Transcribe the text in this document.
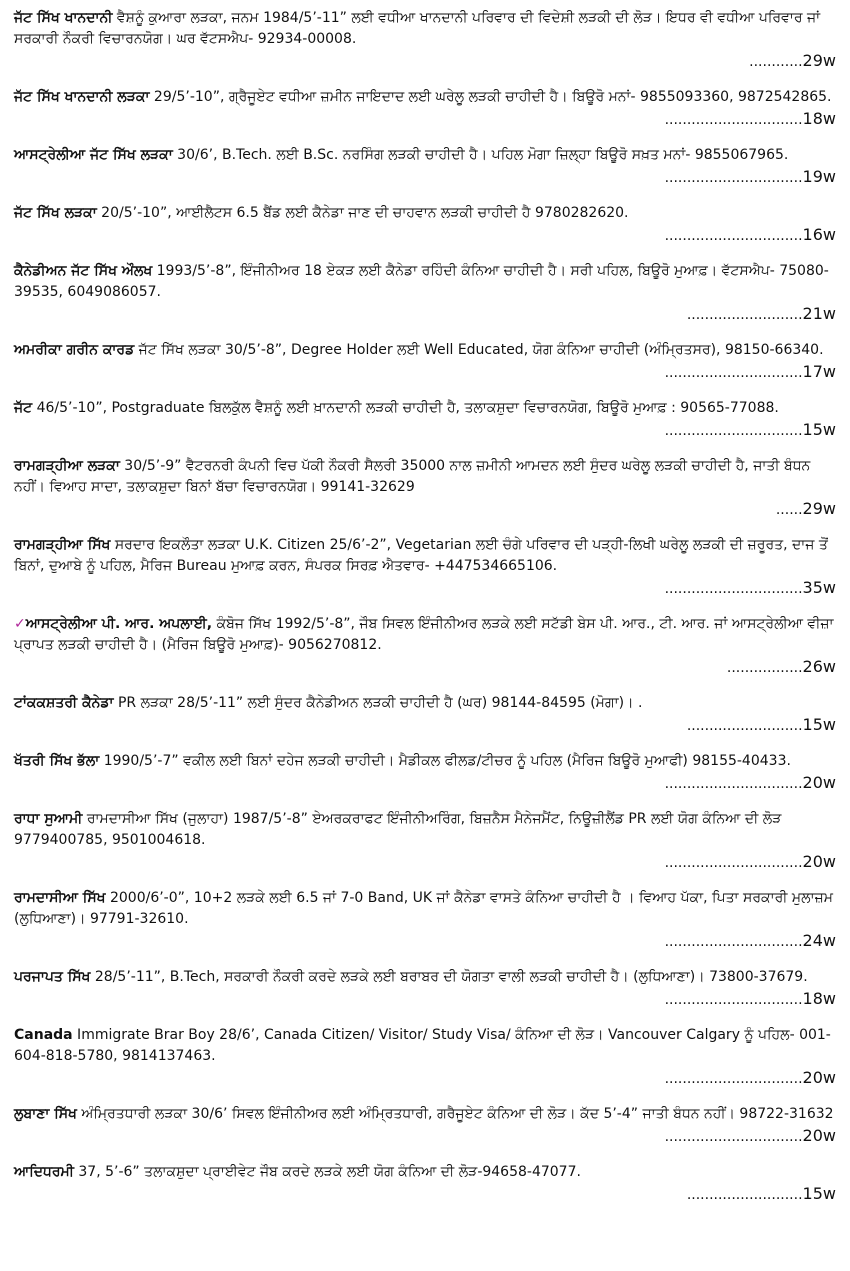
ਜੱਟ ਸਿੱਖ ਖਾਨਦਾਨੀ ਵੈਸ਼ਨੂੰ ਕੁਆਰਾ ਲੜਕਾ, ਜਨਮ 1984/5’-11” ਲਈ ਵਧੀਆ ਖਾਨਦਾਨੀ ਪਰਿਵਾਰ ਦੀ ਵਿਦੇਸ਼ੀ ਲੜਕੀ ਦੀ ਲੋੜ। ਇਧਰ ਵੀ ਵਧੀਆ ਪਰਿਵਾਰ ਜਾਂ ਸਰਕਾਰੀ ਨੌਕਰੀ ਵਿਚਾਰਨਯੋਗ। ਘਰ ਵੱਟਸਐਪ- 92934-00008.
............ 29w
ਜੱਟ ਸਿੱਖ ਖਾਨਦਾਨੀ ਲੜਕਾ 29/5’-10”, ਗ੍ਰੈਜੂਏਟ ਵਧੀਆ ਜ਼ਮੀਨ ਜਾਇਦਾਦ ਲਈ ਘਰੇਲੂ ਲੜਕੀ ਚਾਹੀਦੀ ਹੈ। ਬਿਊਰੋ ਮਨਾਂ- 9855093360, 9872542865.
............................... 18w
ਆਸਟ੍ਰੇਲੀਆ ਜੱਟ ਸਿੱਖ ਲੜਕਾ 30/6’, B.Tech. ਲਈ B.Sc. ਨਰਸਿੰਗ ਲੜਕੀ ਚਾਹੀਦੀ ਹੈ। ਪਹਿਲ ਮੋਗਾ ਜ਼ਿਲ੍ਹਾ ਬਿਊਰੋ ਸਖ਼ਤ ਮਨਾਂ- 9855067965.
............................... 19w
ਜੱਟ ਸਿੱਖ ਲੜਕਾ 20/5’-10”, ਆਈਲੈਟਸ 6.5 ਬੈਂਡ ਲਈ ਕੈਨੇਡਾ ਜਾਣ ਦੀ ਚਾਹਵਾਨ ਲੜਕੀ ਚਾਹੀਦੀ ਹੈ 9780282620.
............................... 16w
ਕੈਨੇਡੀਅਨ ਜੱਟ ਸਿੱਖ ਔਲਖ 1993/5’-8”, ਇੰਜੀਨੀਅਰ 18 ਏਕੜ ਲਈ ਕੈਨੇਡਾ ਰਹਿੰਦੀ ਕੰਨਿਆ ਚਾਹੀਦੀ ਹੈ। ਸਰੀ ਪਹਿਲ, ਬਿਊਰੋ ਮੁਆਫ਼। ਵੱਟਸਐਪ- 75080-39535, 6049086057.
.......................... 21w
ਅਮਰੀਕਾ ਗਰੀਨ ਕਾਰਡ ਜੱਟ ਸਿੱਖ ਲੜਕਾ 30/5’-8”, Degree Holder ਲਈ Well Educated, ਯੋਗ ਕੰਨਿਆ ਚਾਹੀਦੀ (ਅੰਮ੍ਰਿਤਸਰ), 98150-66340.
............................... 17w
ਜੱਟ 46/5’-10”, Postgraduate ਬਿਲਕੁੱਲ ਵੈਸ਼ਨੂੰ ਲਈ ਖ਼ਾਨਦਾਨੀ ਲੜਕੀ ਚਾਹੀਦੀ ਹੈ, ਤਲਾਕਸ਼ੁਦਾ ਵਿਚਾਰਨਯੋਗ, ਬਿਊਰੋ ਮੁਆਫ਼ : 90565-77088.
............................... 15w
ਰਾਮਗੜ੍ਹੀਆ ਲੜਕਾ 30/5’-9” ਵੈਟਰਨਰੀ ਕੰਪਨੀ ਵਿਚ ਪੱਕੀ ਨੌਕਰੀ ਸੈਲਰੀ 35000 ਨਾਲ ਜ਼ਮੀਨੀ ਆਮਦਨ ਲਈ ਸੁੰਦਰ ਘਰੇਲੂ ਲੜਕੀ ਚਾਹੀਦੀ ਹੈ, ਜਾਤੀ ਬੰਧਨ ਨਹੀਂ। ਵਿਆਹ ਸਾਦਾ, ਤਲਾਕਸ਼ੁਦਾ ਬਿਨਾਂ ਬੱਚਾ ਵਿਚਾਰਨਯੋਗ। 99141-32629
...... 29w
ਰਾਮਗੜ੍ਹੀਆ ਸਿੱਖ ਸਰਦਾਰ ਇਕਲੌਤਾ ਲੜਕਾ U.K. Citizen 25/6’-2”, Vegetarian ਲਈ ਚੰਗੇ ਪਰਿਵਾਰ ਦੀ ਪੜ੍ਹੀ-ਲਿਖੀ ਘਰੇਲੂ ਲੜਕੀ ਦੀ ਜ਼ਰੂਰਤ, ਦਾਜ ਤੋਂ ਬਿਨਾਂ, ਦੁਆਬੇ ਨੂੰ ਪਹਿਲ, ਮੈਰਿਜ Bureau ਮੁਆਫ਼ ਕਰਨ, ਸੰਪਰਕ ਸਿਰਫ਼ ਐਤਵਾਰ- +447534665106.
............................... 35w
✓ਆਸਟ੍ਰੇਲੀਆ ਪੀ. ਆਰ. ਅਪਲਾਈ, ਕੰਬੋਜ ਸਿੱਖ 1992/5’-8”, ਜੌਬ ਸਿਵਲ ਇੰਜੀਨੀਅਰ ਲੜਕੇ ਲਈ ਸਟੱਡੀ ਬੇਸ ਪੀ. ਆਰ., ਟੀ. ਆਰ. ਜਾਂ ਆਸਟ੍ਰੇਲੀਆ ਵੀਜ਼ਾ ਪ੍ਰਾਪਤ ਲੜਕੀ ਚਾਹੀਦੀ ਹੈ। (ਮੈਰਿਜ ਬਿਊਰੋ ਮੁਆਫ਼)- 9056270812.
................. 26w
ਟਾਂਕਕਸ਼ਤਰੀ ਕੈਨੇਡਾ PR ਲੜਕਾ 28/5’-11” ਲਈ ਸੁੰਦਰ ਕੈਨੇਡੀਅਨ ਲੜਕੀ ਚਾਹੀਦੀ ਹੈ (ਘਰ) 98144-84595 (ਮੋਗਾ)। .
.......................... 15w
ਖੱਤਰੀ ਸਿੱਖ ਭੱਲਾ 1990/5’-7” ਵਕੀਲ ਲਈ ਬਿਨਾਂ ਦਹੇਜ ਲੜਕੀ ਚਾਹੀਦੀ। ਮੈਡੀਕਲ ਫੀਲਡ/ਟੀਚਰ ਨੂੰ ਪਹਿਲ (ਮੈਰਿਜ ਬਿਊਰੋ ਮੁਆਫੀ) 98155-40433.
............................... 20w
ਰਾਧਾ ਸੁਆਮੀ ਰਾਮਦਾਸੀਆ ਸਿੱਖ (ਜੁਲਾਹਾ) 1987/5’-8” ਏਅਰਕਰਾਫਟ ਇੰਜੀਨੀਅਰਿੰਗ, ਬਿਜ਼ਨੈਸ ਮੈਨੇਜਮੈਂਟ, ਨਿਊਜ਼ੀਲੈਂਡ PR ਲਈ ਯੋਗ ਕੰਨਿਆ ਦੀ ਲੋੜ 9779400785, 9501004618.
............................... 20w
ਰਾਮਦਾਸੀਆ ਸਿੱਖ 2000/6’-0”, 10+2 ਲੜਕੇ ਲਈ 6.5 ਜਾਂ 7-0 Band, UK ਜਾਂ ਕੈਨੇਡਾ ਵਾਸਤੇ ਕੰਨਿਆ ਚਾਹੀਦੀ ਹੈ । ਵਿਆਹ ਪੱਕਾ, ਪਿਤਾ ਸਰਕਾਰੀ ਮੁਲਾਜ਼ਮ (ਲੁਧਿਆਣਾ)। 97791-32610.
............................... 24w
ਪਰਜਾਪਤ ਸਿੱਖ 28/5’-11”, B.Tech, ਸਰਕਾਰੀ ਨੌਕਰੀ ਕਰਦੇ ਲੜਕੇ ਲਈ ਬਰਾਬਰ ਦੀ ਯੋਗਤਾ ਵਾਲੀ ਲੜਕੀ ਚਾਹੀਦੀ ਹੈ। (ਲੁਧਿਆਣਾ)। 73800-37679.
............................... 18w
Canada Immigrate Brar Boy 28/6’, Canada Citizen/ Visitor/ Study Visa/ ਕੰਨਿਆ ਦੀ ਲੋੜ। Vancouver Calgary ਨੂੰ ਪਹਿਲ- 001-604-818-5780, 9814137463.
............................... 20w
ਲੁਬਾਣਾ ਸਿੱਖ ਅੰਮ੍ਰਿਤਧਾਰੀ ਲੜਕਾ 30/6’ ਸਿਵਲ ਇੰਜੀਨੀਅਰ ਲਈ ਅੰਮ੍ਰਿਤਧਾਰੀ, ਗਰੈਜੂਏਟ ਕੰਨਿਆ ਦੀ ਲੋੜ। ਕੱਦ 5’-4” ਜਾਤੀ ਬੰਧਨ ਨਹੀਂ। 98722-31632
............................... 20w
ਆਦਿਧਰਮੀ 37, 5’-6” ਤਲਾਕਸ਼ੁਦਾ ਪ੍ਰਾਈਵੇਟ ਜੌਬ ਕਰਦੇ ਲੜਕੇ ਲਈ ਯੋਗ ਕੰਨਿਆ ਦੀ ਲੋੜ-94658-47077.
.......................... 15w
